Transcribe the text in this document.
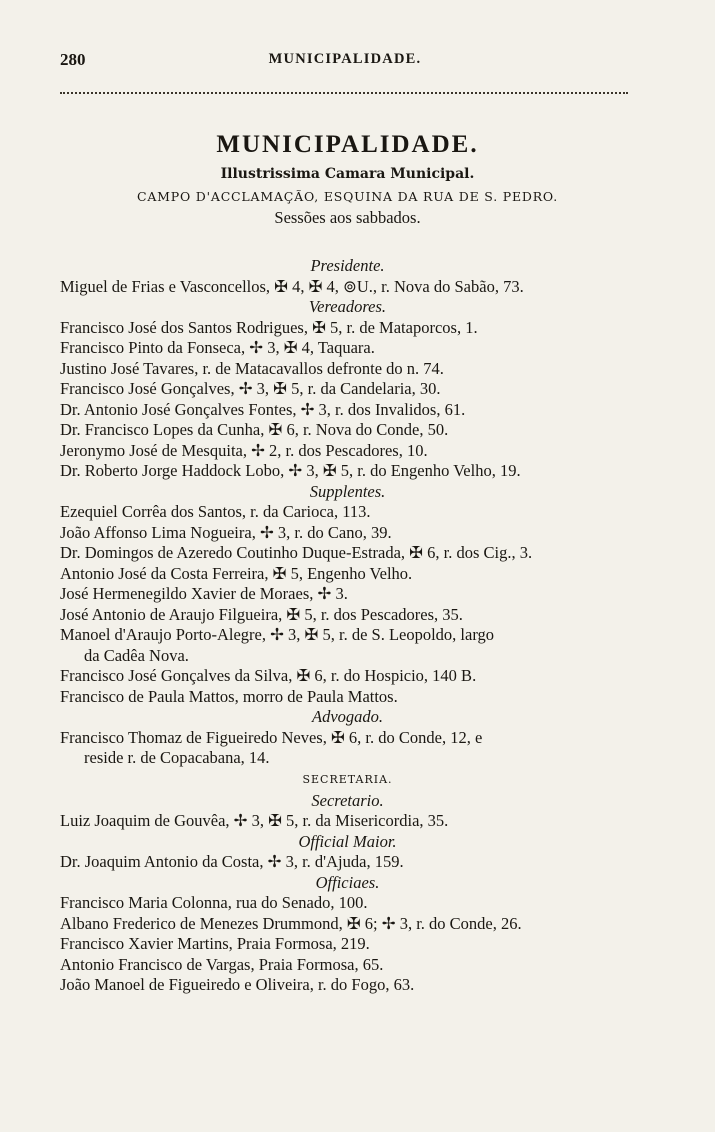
280	MUNICIPALIDADE.
MUNICIPALIDADE.
Illustrissima Camara Municipal.
CAMPO D'ACCLAMAÇÃO, ESQUINA DA RUA DE S. PEDRO.
Sessões aos sabbados.
Presidente.
Miguel de Frias e Vasconcellos, ✠ 4, ✠ 4, ⊚U., r. Nova do Sabão, 73.
Vereadores.
Francisco José dos Santos Rodrigues, ✠ 5, r. de Mataporcos, 1.
Francisco Pinto da Fonseca, ✢ 3, ✠ 4, Taquara.
Justino José Tavares, r. de Matacavallos defronte do n. 74.
Francisco José Gonçalves, ✢ 3, ✠ 5, r. da Candelaria, 30.
Dr. Antonio José Gonçalves Fontes, ✢ 3, r. dos Invalidos, 61.
Dr. Francisco Lopes da Cunha, ✠ 6, r. Nova do Conde, 50.
Jeronymo José de Mesquita, ✢ 2, r. dos Pescadores, 10.
Dr. Roberto Jorge Haddock Lobo, ✢ 3, ✠ 5, r. do Engenho Velho, 19.
Supplentes.
Ezequiel Corrêa dos Santos, r. da Carioca, 113.
João Affonso Lima Nogueira, ✢ 3, r. do Cano, 39.
Dr. Domingos de Azeredo Coutinho Duque-Estrada, ✠ 6, r. dos Cig., 3.
Antonio José da Costa Ferreira, ✠ 5, Engenho Velho.
José Hermenegildo Xavier de Moraes, ✢ 3.
José Antonio de Araujo Filgueira, ✠ 5, r. dos Pescadores, 35.
Manoel d'Araujo Porto-Alegre, ✢ 3, ✠ 5, r. de S. Leopoldo, largo
da Cadêa Nova.
Francisco José Gonçalves da Silva, ✠ 6, r. do Hospicio, 140 B.
Francisco de Paula Mattos, morro de Paula Mattos.
Advogado.
Francisco Thomaz de Figueiredo Neves, ✠ 6, r. do Conde, 12, e
reside r. de Copacabana, 14.
SECRETARIA.
Secretario.
Luiz Joaquim de Gouvêa, ✢ 3, ✠ 5, r. da Misericordia, 35.
Official Maior.
Dr. Joaquim Antonio da Costa, ✢ 3, r. d'Ajuda, 159.
Officiaes.
Francisco Maria Colonna, rua do Senado, 100.
Albano Frederico de Menezes Drummond, ✠ 6; ✢ 3, r. do Conde, 26.
Francisco Xavier Martins, Praia Formosa, 219.
Antonio Francisco de Vargas, Praia Formosa, 65.
João Manoel de Figueiredo e Oliveira, r. do Fogo, 63.
